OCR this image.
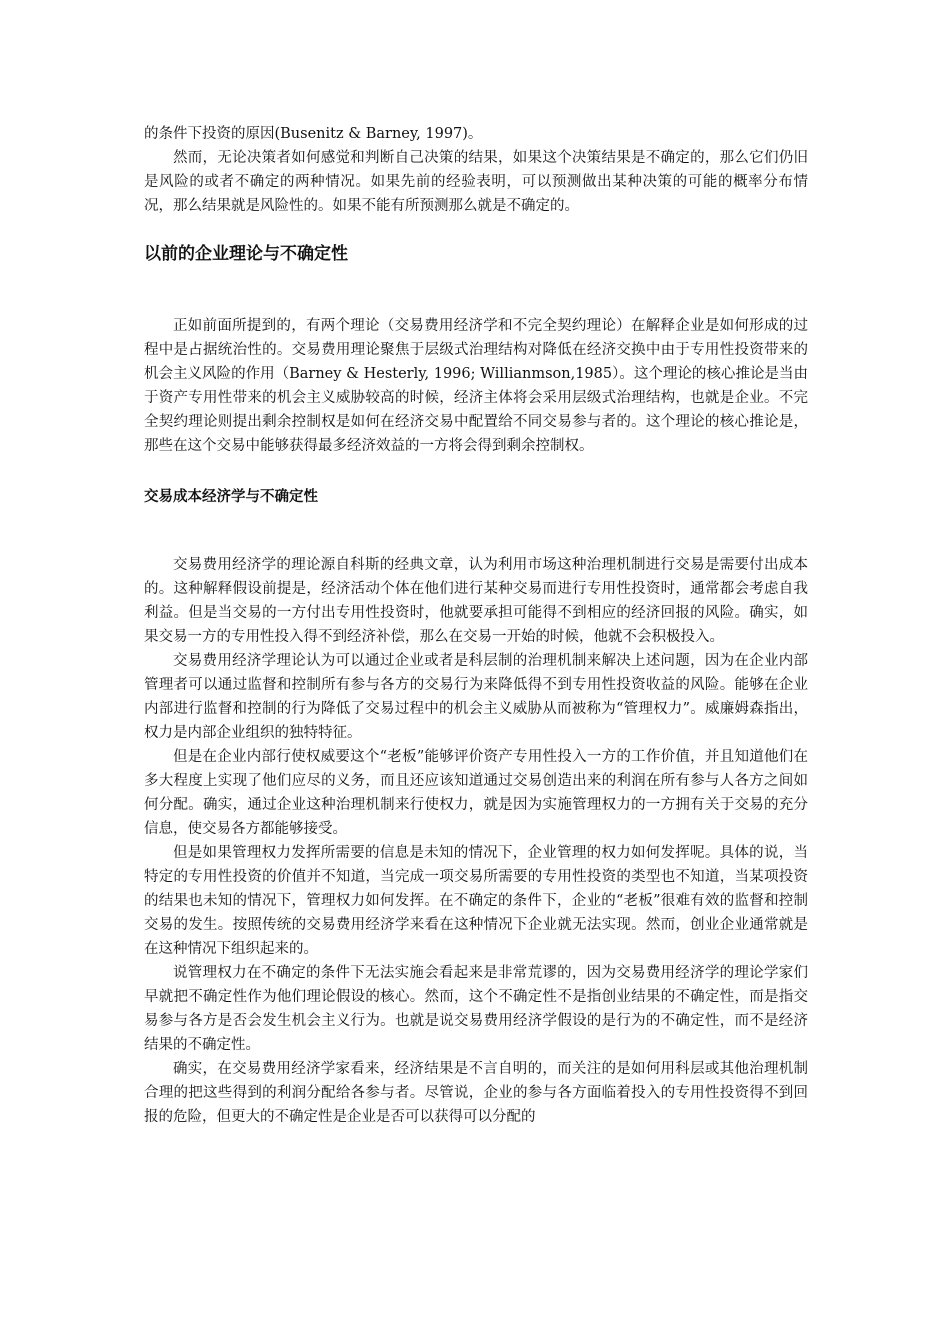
的条件下投资的原因(Busenitz & Barney, 1997)。

然而，无论决策者如何感觉和判断自己决策的结果，如果这个决策结果是不确定的，那么它们仍旧是风险的或者不确定的两种情况。如果先前的经验表明，可以预测做出某种决策的可能的概率分布情况，那么结果就是风险性的。如果不能有所预测那么就是不确定的。

以前的企业理论与不确定性

正如前面所提到的，有两个理论（交易费用经济学和不完全契约理论）在解释企业是如何形成的过程中是占据统治性的。交易费用理论聚焦于层级式治理结构对降低在经济交换中由于专用性投资带来的机会主义风险的作用（Barney & Hesterly, 1996; Willianmson,1985）。这个理论的核心推论是当由于资产专用性带来的机会主义威胁较高的时候，经济主体将会采用层级式治理结构，也就是企业。不完全契约理论则提出剩余控制权是如何在经济交易中配置给不同交易参与者的。这个理论的核心推论是，那些在这个交易中能够获得最多经济效益的一方将会得到剩余控制权。

交易成本经济学与不确定性

交易费用经济学的理论源自科斯的经典文章，认为利用市场这种治理机制进行交易是需要付出成本的。这种解释假设前提是，经济活动个体在他们进行某种交易而进行专用性投资时，通常都会考虑自我利益。但是当交易的一方付出专用性投资时，他就要承担可能得不到相应的经济回报的风险。确实，如果交易一方的专用性投入得不到经济补偿，那么在交易一开始的时候，他就不会积极投入。

交易费用经济学理论认为可以通过企业或者是科层制的治理机制来解决上述问题，因为在企业内部管理者可以通过监督和控制所有参与各方的交易行为来降低得不到专用性投资收益的风险。能够在企业内部进行监督和控制的行为降低了交易过程中的机会主义威胁从而被称为“管理权力”。威廉姆森指出，权力是内部企业组织的独特特征。

但是在企业内部行使权威要这个“老板”能够评价资产专用性投入一方的工作价值，并且知道他们在多大程度上实现了他们应尽的义务，而且还应该知道通过交易创造出来的利润在所有参与人各方之间如何分配。确实，通过企业这种治理机制来行使权力，就是因为实施管理权力的一方拥有关于交易的充分信息，使交易各方都能够接受。

但是如果管理权力发挥所需要的信息是未知的情况下，企业管理的权力如何发挥呢。具体的说，当特定的专用性投资的价值并不知道，当完成一项交易所需要的专用性投资的类型也不知道，当某项投资的结果也未知的情况下，管理权力如何发挥。在不确定的条件下，企业的“老板”很难有效的监督和控制交易的发生。按照传统的交易费用经济学来看在这种情况下企业就无法实现。然而，创业企业通常就是在这种情况下组织起来的。

说管理权力在不确定的条件下无法实施会看起来是非常荒谬的，因为交易费用经济学的理论学家们早就把不确定性作为他们理论假设的核心。然而，这个不确定性不是指创业结果的不确定性，而是指交易参与各方是否会发生机会主义行为。也就是说交易费用经济学假设的是行为的不确定性，而不是经济结果的不确定性。

确实，在交易费用经济学家看来，经济结果是不言自明的，而关注的是如何用科层或其他治理机制合理的把这些得到的利润分配给各参与者。尽管说，企业的参与各方面临着投入的专用性投资得不到回报的危险，但更大的不确定性是企业是否可以获得可以分配的
